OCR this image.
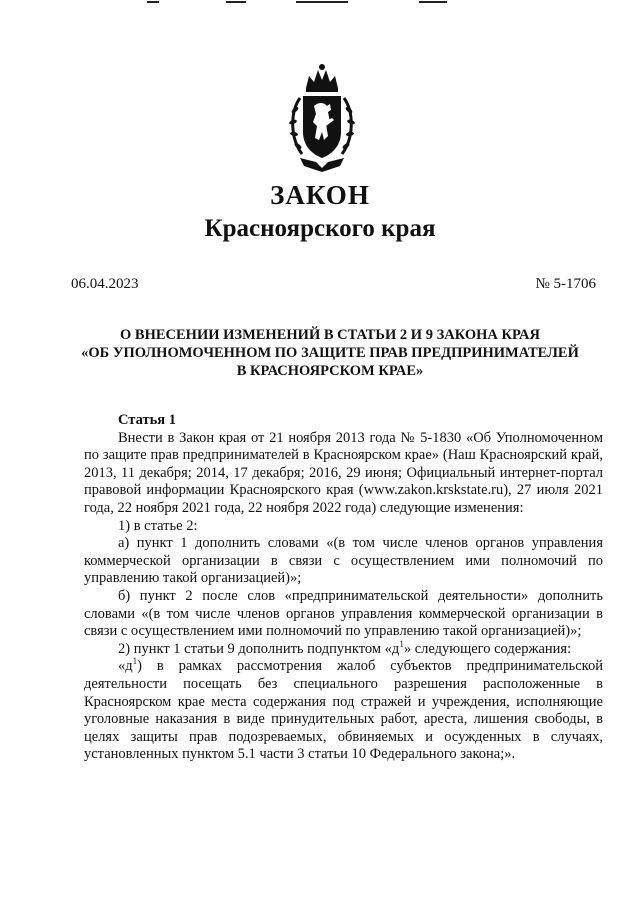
ЗАКОН
Красноярского края
06.04.2023	№ 5-1706
О ВНЕСЕНИИ ИЗМЕНЕНИЙ В СТАТЬИ 2 И 9 ЗАКОНА КРАЯ
«ОБ УПОЛНОМОЧЕННОМ ПО ЗАЩИТЕ ПРАВ ПРЕДПРИНИМАТЕЛЕЙ
В КРАСНОЯРСКОМ КРАЕ»
Статья 1

Внести в Закон края от 21 ноября 2013 года № 5-1830 «Об Уполномоченном по защите прав предпринимателей в Красноярском крае» (Наш Красноярский край, 2013, 11 декабря; 2014, 17 декабря; 2016, 29 июня; Официальный интернет-портал правовой информации Красноярского края (www.zakon.krskstate.ru), 27 июля 2021 года, 22 ноября 2021 года, 22 ноября 2022 года) следующие изменения:

1) в статье 2:

а) пункт 1 дополнить словами «(в том числе членов органов управления коммерческой организации в связи с осуществлением ими полномочий по управлению такой организацией)»;

б) пункт 2 после слов «предпринимательской деятельности» дополнить словами «(в том числе членов органов управления коммерческой организации в связи с осуществлением ими полномочий по управлению такой организацией)»;

2) пункт 1 статьи 9 дополнить подпунктом «$д^1$» следующего содержания:

«$д^1$) в рамках рассмотрения жалоб субъектов предпринимательской деятельности посещать без специального разрешения расположенные в Красноярском крае места содержания под стражей и учреждения, исполняющие уголовные наказания в виде принудительных работ, ареста, лишения свободы, в целях защиты прав подозреваемых, обвиняемых и осужденных в случаях, установленных пунктом 5.1 части 3 статьи 10 Федерального закона;».
